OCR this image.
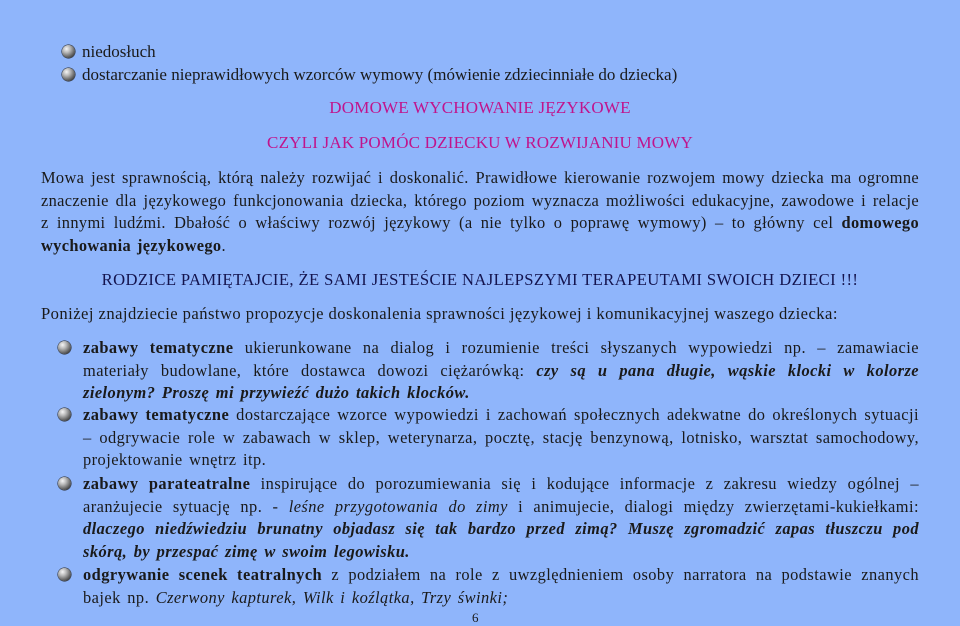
niedosłuch
dostarczanie nieprawidłowych wzorców wymowy (mówienie zdziecinniałe do dziecka)
DOMOWE WYCHOWANIE JĘZYKOWE
CZYLI JAK POMÓC DZIECKU W ROZWIJANIU MOWY
Mowa jest sprawnością, którą należy rozwijać i doskonalić. Prawidłowe kierowanie rozwojem mowy dziecka ma ogromne znaczenie dla językowego funkcjonowania dziecka, którego poziom wyznacza możliwości edukacyjne, zawodowe i relacje z innymi ludźmi. Dbałość o właściwy rozwój językowy (a nie tylko o poprawę wymowy) – to główny cel domowego wychowania językowego.
RODZICE PAMIĘTAJCIE, ŻE SAMI JESTEŚCIE NAJLEPSZYMI TERAPEUTAMI SWOICH DZIECI !!!
Poniżej znajdziecie państwo propozycje doskonalenia sprawności językowej i komunikacyjnej waszego dziecka:
zabawy tematyczne ukierunkowane na dialog i rozumienie treści słyszanych wypowiedzi np. – zamawiacie materiały budowlane, które dostawca dowozi ciężarówką: czy są u pana długie, wąskie klocki w kolorze zielonym? Proszę mi przywieźć dużo takich klocków.
zabawy tematyczne dostarczające wzorce wypowiedzi i zachowań społecznych adekwatne do określonych sytuacji – odgrywacie role w zabawach w sklep, weterynarza, pocztę, stację benzynową, lotnisko, warsztat samochodowy, projektowanie wnętrz itp.
zabawy parateatralne inspirujące do porozumiewania się i kodujące informacje z zakresu wiedzy ogólnej – aranżujecie sytuację np. - leśne przygotowania do zimy i animujecie, dialogi między zwierzętami-kukiełkami: dlaczego niedźwiedziu brunatny objadasz się tak bardzo przed zimą? Muszę zgromadzić zapas tłuszczu pod skórą, by przespać zimę w swoim legowisku.
odgrywanie scenek teatralnych z podziałem na role z uwzględnieniem osoby narratora na podstawie znanych bajek np. Czerwony kapturek, Wilk i koźlątka, Trzy świnki;
6
